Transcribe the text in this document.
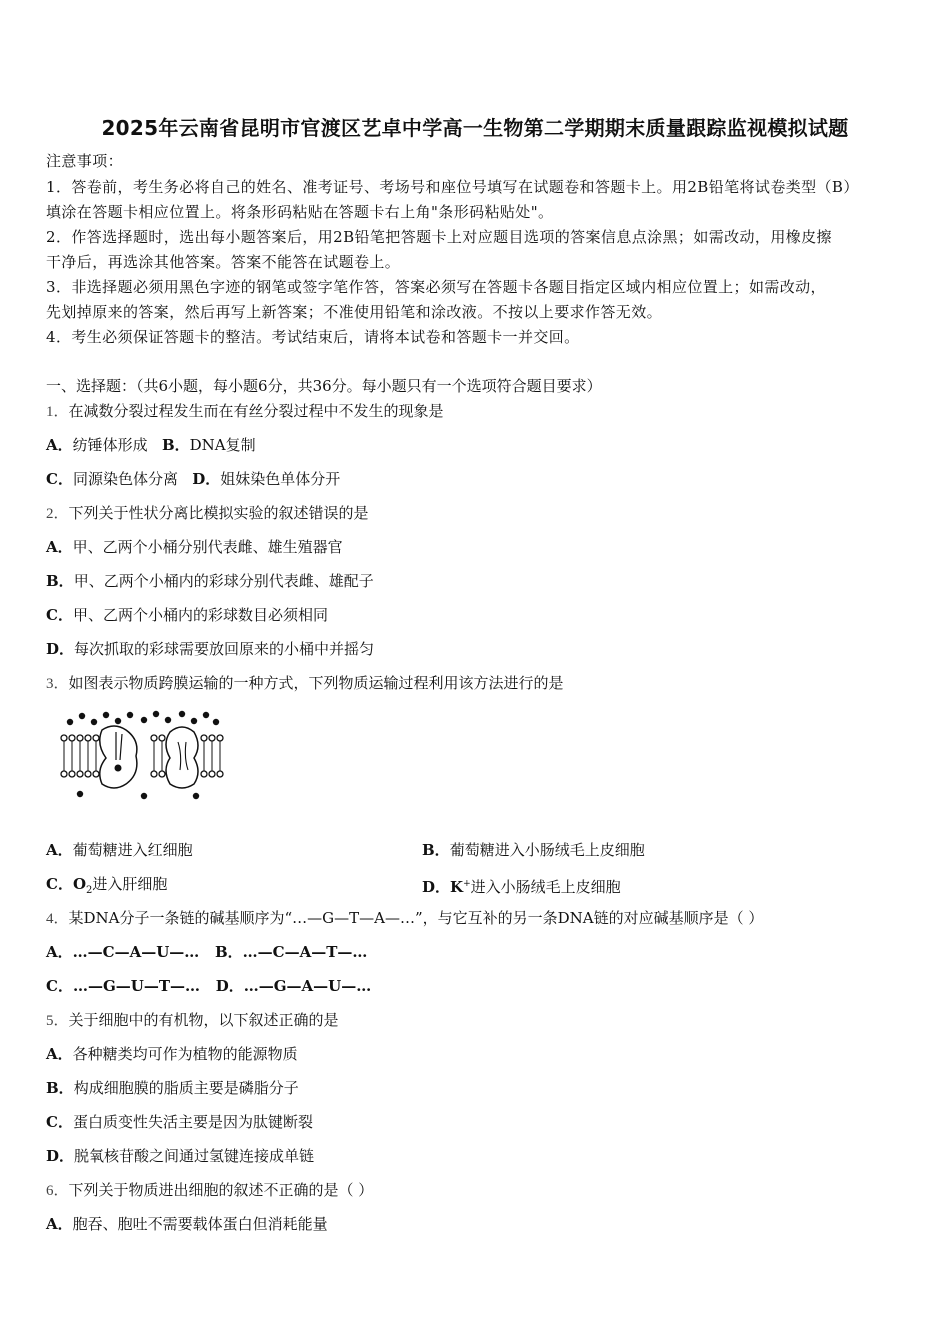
2025年云南省昆明市官渡区艺卓中学高一生物第二学期期末质量跟踪监视模拟试题
注意事项：
1．答卷前，考生务必将自己的姓名、准考证号、考场号和座位号填写在试题卷和答题卡上。用2B铅笔将试卷类型（B）
填涂在答题卡相应位置上。将条形码粘贴在答题卡右上角"条形码粘贴处"。
2．作答选择题时，选出每小题答案后，用2B铅笔把答题卡上对应题目选项的答案信息点涂黑；如需改动，用橡皮擦
干净后，再选涂其他答案。答案不能答在试题卷上。
3．非选择题必须用黑色字迹的钢笔或签字笔作答，答案必须写在答题卡各题目指定区域内相应位置上；如需改动，
先划掉原来的答案，然后再写上新答案；不准使用铅笔和涂改液。不按以上要求作答无效。
4．考生必须保证答题卡的整洁。考试结束后，请将本试卷和答题卡一并交回。
一、选择题：（共6小题，每小题6分，共36分。每小题只有一个选项符合题目要求）
1．在减数分裂过程发生而在有丝分裂过程中不发生的现象是
A．纺锤体形成 B．DNA复制
C．同源染色体分离 D．姐妹染色单体分开
2．下列关于性状分离比模拟实验的叙述错误的是
A．甲、乙两个小桶分别代表雌、雄生殖器官
B．甲、乙两个小桶内的彩球分别代表雌、雄配子
C．甲、乙两个小桶内的彩球数目必须相同
D．每次抓取的彩球需要放回原来的小桶中并摇匀
3．如图表示物质跨膜运输的一种方式，下列物质运输过程利用该方法进行的是
A．葡萄糖进入红细胞	B．葡萄糖进入小肠绒毛上皮细胞
C．$O_2$进入肝细胞	D．K+进入小肠绒毛上皮细胞
4．某DNA分子一条链的碱基顺序为“…—G—T—A—…”，与它互补的另一条DNA链的对应碱基顺序是（ ）
A．…—C—A—U—… B．…—C—A—T—…
C．…—G—U—T—… D．…—G—A—U—…
5．关于细胞中的有机物，以下叙述正确的是
A．各种糖类均可作为植物的能源物质
B．构成细胞膜的脂质主要是磷脂分子
C．蛋白质变性失活主要是因为肽键断裂
D．脱氧核苷酸之间通过氢键连接成单链
6．下列关于物质进出细胞的叙述不正确的是（ ）
A．胞吞、胞吐不需要载体蛋白但消耗能量
